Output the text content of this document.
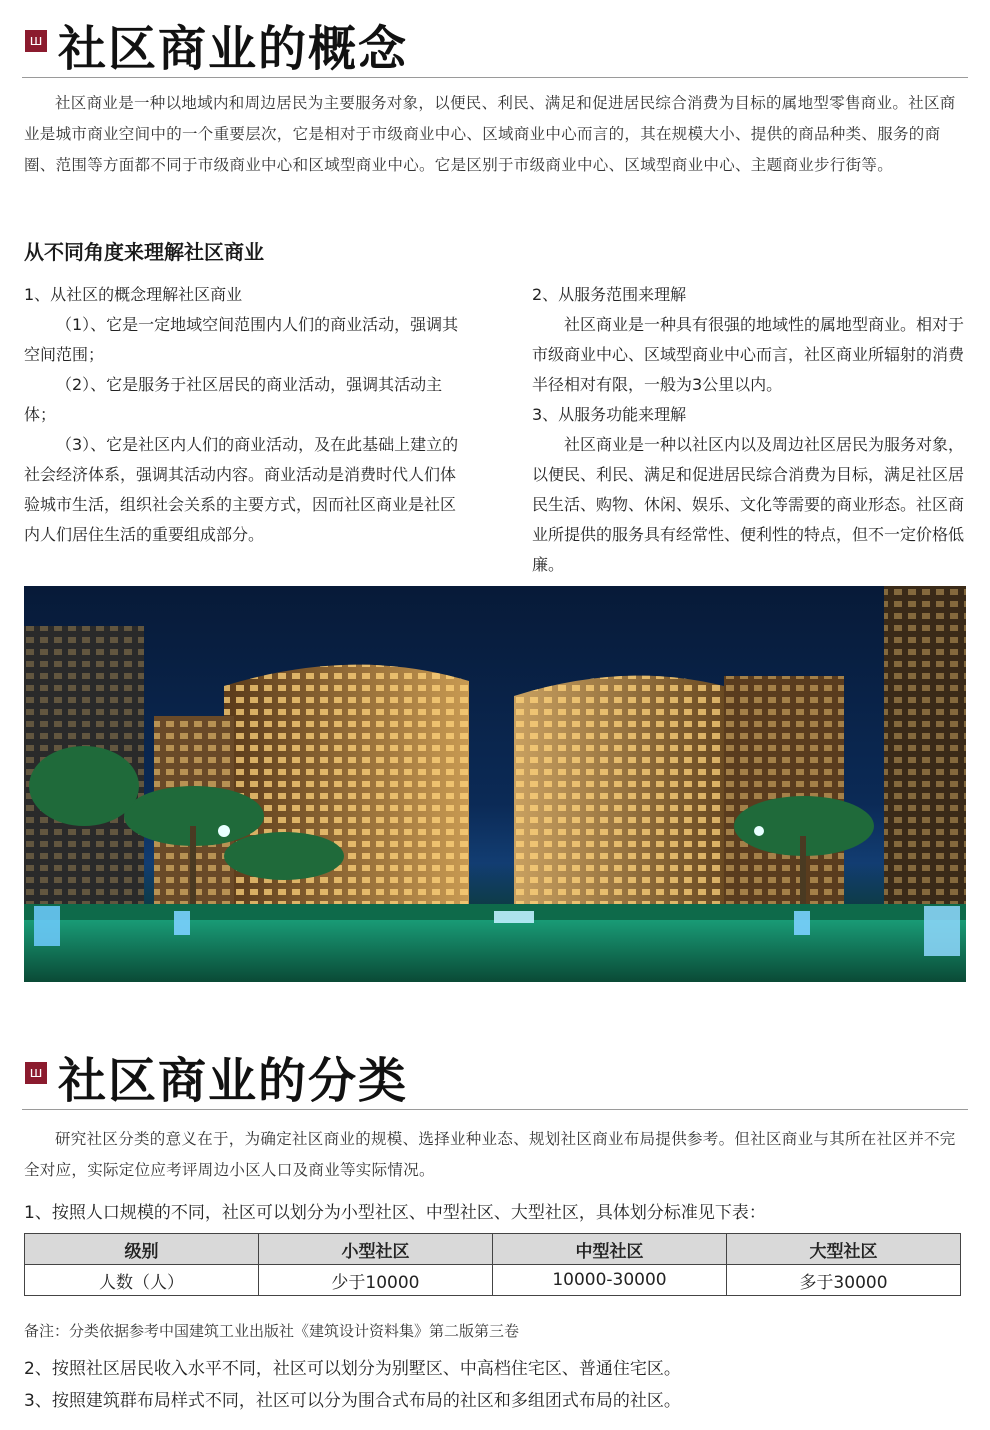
ш 社区商业的概念
社区商业是一种以地域内和周边居民为主要服务对象，以便民、利民、满足和促进居民综合消费为目标的属地型零售商业。社区商业是城市商业空间中的一个重要层次，它是相对于市级商业中心、区域商业中心而言的，其在规模大小、提供的商品种类、服务的商圈、范围等方面都不同于市级商业中心和区域型商业中心。它是区别于市级商业中心、区域型商业中心、主题商业步行街等。
从不同角度来理解社区商业

1、从社区的概念理解社区商业

（1）、它是一定地域空间范围内人们的商业活动，强调其空间范围；

（2）、它是服务于社区居民的商业活动，强调其活动主体；

（3）、它是社区内人们的商业活动，及在此基础上建立的社会经济体系，强调其活动内容。商业活动是消费时代人们体验城市生活，组织社会关系的主要方式，因而社区商业是社区内人们居住生活的重要组成部分。

2、从服务范围来理解

社区商业是一种具有很强的地域性的属地型商业。相对于市级商业中心、区域型商业中心而言，社区商业所辐射的消费半径相对有限，一般为3公里以内。

3、从服务功能来理解

社区商业是一种以社区内以及周边社区居民为服务对象，以便民、利民、满足和促进居民综合消费为目标，满足社区居民生活、购物、休闲、娱乐、文化等需要的商业形态。社区商业所提供的服务具有经常性、便利性的特点，但不一定价格低廉。

ш 社区商业的分类
研究社区分类的意义在于，为确定社区商业的规模、选择业种业态、规划社区商业布局提供参考。但社区商业与其所在社区并不完全对应，实际定位应考评周边小区人口及商业等实际情况。
1、按照人口规模的不同，社区可以划分为小型社区、中型社区、大型社区，具体划分标准见下表：
级别	小型社区	中型社区	大型社区
人数（人）	少于10000	10000-30000	多于30000
备注：分类依据参考中国建筑工业出版社《建筑设计资料集》第二版第三卷
2、按照社区居民收入水平不同，社区可以划分为别墅区、中高档住宅区、普通住宅区。
3、按照建筑群布局样式不同，社区可以分为围合式布局的社区和多组团式布局的社区。
